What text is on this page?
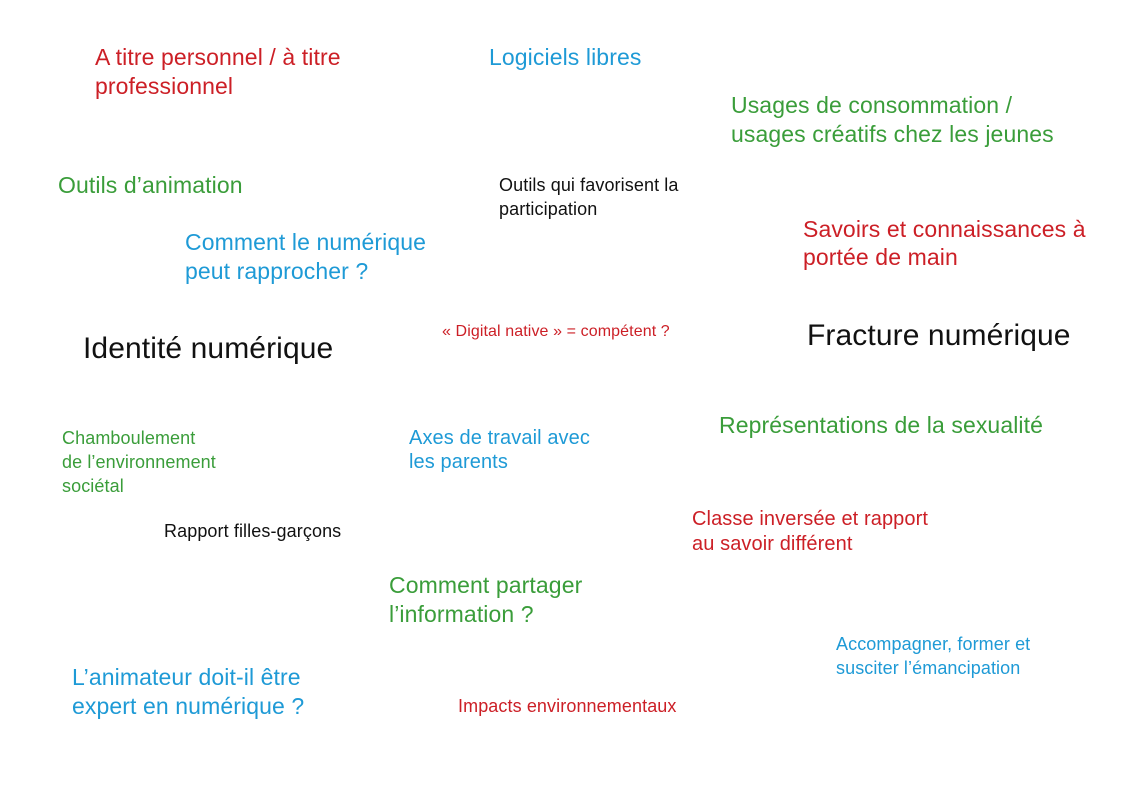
A titre personnel / à titre
professionnel

Logiciels libres

Usages de consommation /
usages créatifs chez les jeunes

Outils d’animation	Outils qui favorisent la
participation

Savoirs et connaissances à
portée de main

Comment le numérique
peut rapprocher ?

« Digital native » = compétent ?

Identité numérique	Fracture numérique

Représentations de la sexualité

Chamboulement
de l’environnement
sociétal

Axes de travail avec
les parents

Rapport filles-garçons

Classe inversée et rapport
au savoir différent

Comment partager
l’information ?

Accompagner, former et
susciter l’émancipation

L’animateur doit-il être
expert en numérique ?	Impacts environnementaux
